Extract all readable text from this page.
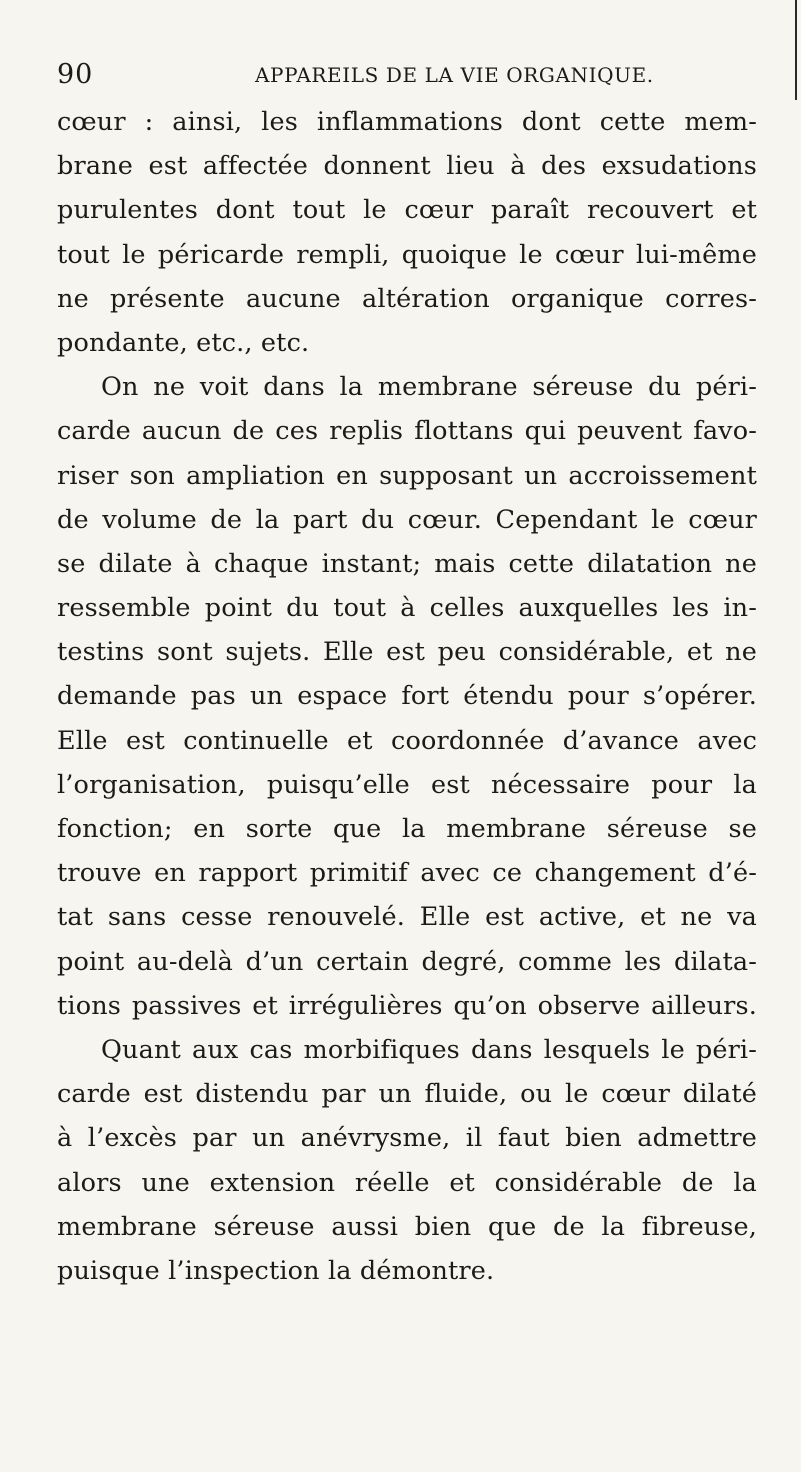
90	APPAREILS DE LA VIE ORGANIQUE.
cœur : ainsi, les inflammations dont cette mem-
brane est affectée donnent lieu à des exsudations
purulentes dont tout le cœur paraît recouvert et
tout le péricarde rempli, quoique le cœur lui-même
ne présente aucune altération organique corres-
pondante, etc., etc.
On ne voit dans la membrane séreuse du péri-
carde aucun de ces replis flottans qui peuvent favo-
riser son ampliation en supposant un accroissement
de volume de la part du cœur. Cependant le cœur
se dilate à chaque instant; mais cette dilatation ne
ressemble point du tout à celles auxquelles les in-
testins sont sujets. Elle est peu considérable, et ne
demande pas un espace fort étendu pour s’opérer.
Elle est continuelle et coordonnée d’avance avec
l’organisation, puisqu’elle est nécessaire pour la
fonction; en sorte que la membrane séreuse se
trouve en rapport primitif avec ce changement d’é-
tat sans cesse renouvelé. Elle est active, et ne va
point au-delà d’un certain degré, comme les dilata-
tions passives et irrégulières qu’on observe ailleurs.
Quant aux cas morbifiques dans lesquels le péri-
carde est distendu par un fluide, ou le cœur dilaté
à l’excès par un anévrysme, il faut bien admettre
alors une extension réelle et considérable de la
membrane séreuse aussi bien que de la fibreuse,
puisque l’inspection la démontre.
